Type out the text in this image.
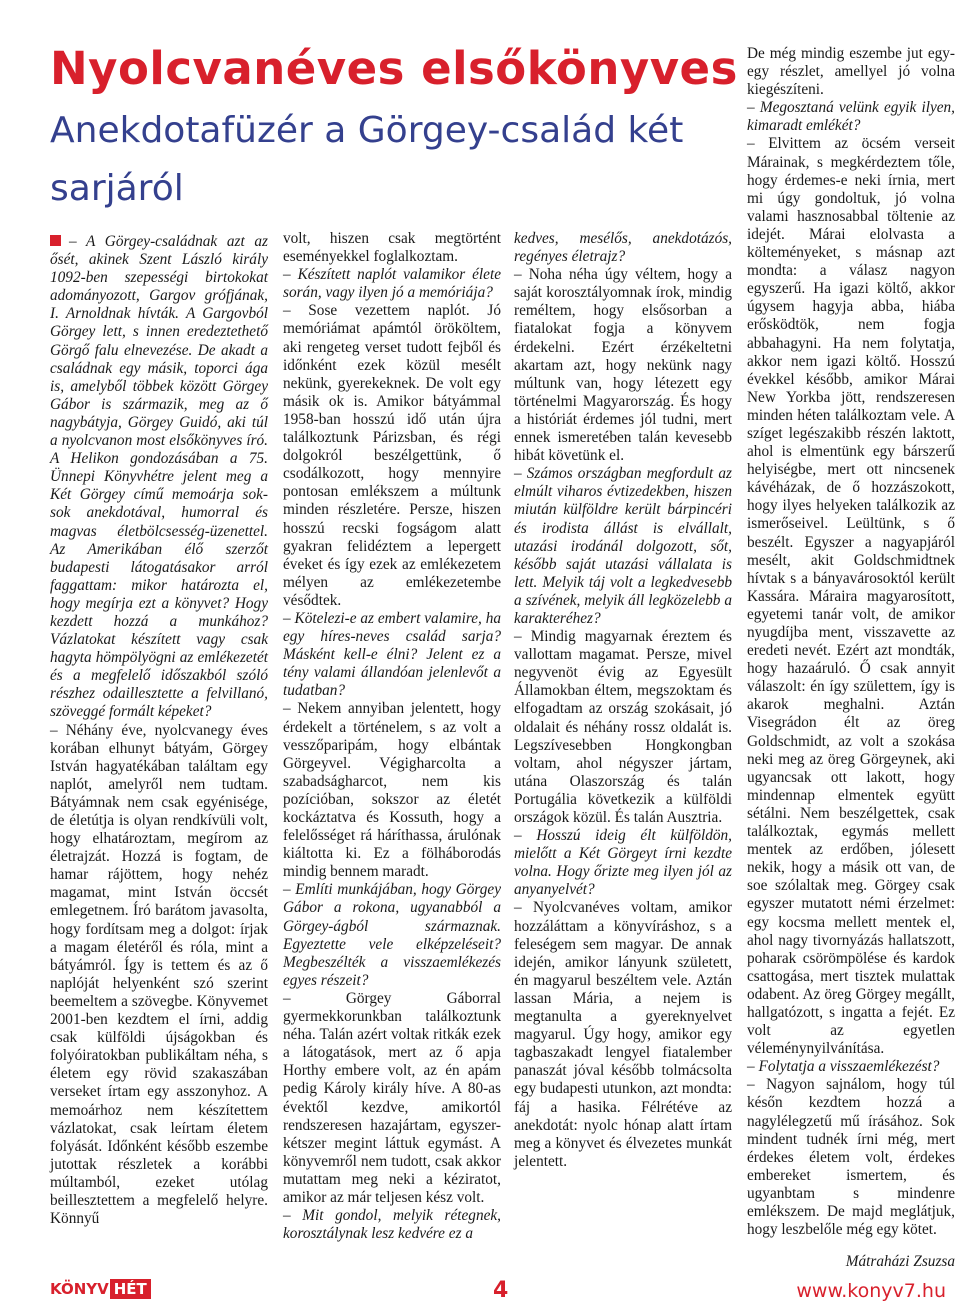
Nyolcvanéves elsőkönyves
Anekdotafüzér a Görgey-család két sarjáról

– A Görgey-családnak azt az ősét, akinek Szent László király 1092-ben szepességi birtokokat adományozott, Gargov grófjának, I. Arnoldnak hívták. A Gargovból Görgey lett, s innen eredeztethető Görgő falu elnevezése. De akadt a családnak egy másik, toporci ága is, amelyből többek között Görgey Gábor is származik, meg az ő nagybátyja, Görgey Guidó, aki túl a nyolcvanon most elsőkönyves író. A Helikon gondozásában a 75. Ünnepi Könyvhétre jelent meg a Két Görgey című memoárja sok-sok anekdotával, humorral és magvas életbölcsesség-üzenettel. Az Amerikában élő szerzőt budapesti látogatásakor arról faggattam: mikor határozta el, hogy megírja ezt a könyvet? Hogy kezdett hozzá a munkához? Vázlatokat készített vagy csak hagyta hömpölyögni az emlékezetét és a megfelelő időszakból szóló részhez odaillesztette a felvillanó, szöveggé formált képeket?

– Néhány éve, nyolcvanegy éves korában elhunyt bátyám, Görgey István hagyatékában találtam egy naplót, amelyről nem tudtam. Bátyámnak nem csak egyénisége, de életútja is olyan rendkívüli volt, hogy elhatároztam, megírom az életrajzát. Hozzá is fogtam, de hamar rájöttem, hogy nehéz magamat, mint István öccsét emlegetnem. Író barátom javasolta, hogy fordítsam meg a dolgot: írjak a magam életéről és róla, mint a bátyámról. Így is tettem és az ő naplóját helyenként szó szerint beemeltem a szövegbe. Könyvemet 2001-ben kezdtem el írni, addig csak külföldi újságokban és folyóiratokban publikáltam néha, s életem egy rövid szakaszában verseket írtam egy asszonyhoz. A memoárhoz nem készítettem vázlatokat, csak leírtam életem folyását. Időnként később eszembe jutottak részletek a korábbi múltamból, ezeket utólag beillesztettem a megfelelő helyre. Könnyű

volt, hiszen csak megtörtént eseményekkel foglalkoztam.

– Készített naplót valamikor élete során, vagy ilyen jó a memóriája?

– Sose vezettem naplót. Jó memóriámat apámtól örököltem, aki rengeteg verset tudott fejből és időnként ezek közül mesélt nekünk, gyerekeknek. De volt egy másik ok is. Amikor bátyámmal 1958-ban hosszú idő után újra találkoztunk Párizsban, és régi dolgokról beszélgettünk, ő csodálkozott, hogy mennyire pontosan emlékszem a múltunk minden részletére. Persze, hiszen hosszú recski fogságom alatt gyakran felidéztem a lepergett éveket és így ezek az emlékezetem mélyen az emlékezetembe vésődtek.

– Kötelezi-e az embert valamire, ha egy híres-neves család sarja? Másként kell-e élni? Jelent ez a tény valami állandóan jelenlevőt a tudatban?

– Nekem annyiban jelentett, hogy érdekelt a történelem, s az volt a vesszőparipám, hogy elbántak Görgeyvel. Végigharcolta a szabadságharcot, nem kis pozícióban, sokszor az életét kockáztatva és Kossuth, hogy a felelősséget rá háríthassa, árulónak kiáltotta ki. Ez a fölháborodás mindig bennem maradt.

– Említi munkájában, hogy Görgey Gábor a rokona, ugyanabból a Görgey-ágból származnak. Egyeztette vele elképzeléseit? Megbeszélték a visszaemlékezés egyes részeit?

– Görgey Gáborral gyermekkorunkban találkoztunk néha. Talán azért voltak ritkák ezek a látogatások, mert az ő apja Horthy embere volt, az én apám pedig Károly király híve. A 80-as évektől kezdve, amikortól rendszeresen hazajártam, egyszer-kétszer megint láttuk egymást. A könyvemről nem tudott, csak akkor mutattam meg neki a kéziratot, amikor az már teljesen kész volt.

– Mit gondol, melyik rétegnek, korosztálynak lesz kedvére ez a

kedves, mesélős, anekdotázós, regényes életrajz?

– Noha néha úgy véltem, hogy a saját korosztályomnak írok, mindig reméltem, hogy elsősorban a fiatalokat fogja a könyvem érdekelni. Ezért érzékeltetni akartam azt, hogy nekünk nagy múltunk van, hogy létezett egy történelmi Magyarország. És hogy a históriát érdemes jól tudni, mert ennek ismeretében talán kevesebb hibát követünk el.

– Számos országban megfordult az elmúlt viharos évtizedekben, hiszen miután külföldre került bárpincéri és irodista állást is elvállalt, utazási irodánál dolgozott, sőt, később saját utazási vállalata is lett. Melyik táj volt a legkedvesebb a szívének, melyik áll legközelebb a karakteréhez?

– Mindig magyarnak éreztem és vallottam magamat. Persze, mivel negyvenöt évig az Egyesült Államokban éltem, megszoktam és elfogadtam az ország szokásait, jó oldalait és néhány rossz oldalát is. Legszívesebben Hongkongban voltam, ahol négyszer jártam, utána Olaszország és talán Portugália következik a külföldi országok közül. És talán Ausztria.

– Hosszú ideig élt külföldön, mielőtt a Két Görgeyt írni kezdte volna. Hogy őrizte meg ilyen jól az anyanyelvét?

– Nyolcvanéves voltam, amikor hozzáláttam a könyvíráshoz, s a feleségem sem magyar. De annak idején, amikor lányunk született, én magyarul beszéltem vele. Aztán lassan Mária, a nejem is megtanulta a gyereknyelvet magyarul. Úgy hogy, amikor egy tagbaszakadt lengyel fiatalember panaszát jóval később tolmácsolta egy budapesti utunkon, azt mondta: fáj a hasika. Félrétéve az anekdotát: nyolc hónap alatt írtam meg a könyvet és élvezetes munkát jelentett.

De még mindig eszembe jut egy-egy részlet, amellyel jó volna kiegészíteni.

– Megosztaná velünk egyik ilyen, kimaradt emlékét?

– Elvittem az öcsém verseit Márainak, s megkérdeztem tőle, hogy érdemes-e neki írnia, mert mi úgy gondoltuk, jó volna valami hasznosabbal töltenie az idejét. Márai elolvasta a költeményeket, s másnap azt mondta: a válasz nagyon egyszerű. Ha igazi költő, akkor úgysem hagyja abba, hiába erősködtök, nem fogja abbahagyni. Ha nem folytatja, akkor nem igazi költő. Hosszú évekkel később, amikor Márai New Yorkba jött, rendszeresen minden héten találkoztam vele. A szíget legészakibb részén laktott, ahol is elmentünk egy bárszerű helyiségbe, mert ott nincsenek kávéházak, de ő hozzászokott, hogy ilyes helyeken találkozik az ismerőseivel. Leültünk, s ő beszélt. Egyszer a nagyapjáról mesélt, akit Goldschmidtnek hívtak s a bányavárosoktól került Kassára. Máraira magyarosított, egyetemi tanár volt, de amikor nyugdíjba ment, visszavette az eredeti nevét. Ezért azt mondták, hogy hazaáruló. Ő csak annyit válaszolt: én így születtem, így is akarok meghalni. Aztán Visegrádon élt az öreg Goldschmidt, az volt a szokása neki meg az öreg Görgeynek, aki ugyancsak ott lakott, hogy mindennap elmentek együtt sétálni. Nem beszélgettek, csak találkoztak, egymás mellett mentek az erdőben, jólesett nekik, hogy a másik ott van, de soe szólaltak meg. Görgey csak egyszer mutatott némi érzelmet: egy kocsma mellett mentek el, ahol nagy tivornyázás hallatszott, poharak csörömpölése és kardok csattogása, mert tisztek mulattak odabent. Az öreg Görgey megállt, hallgatózott, s ingatta a fejét. Ez volt az egyetlen véleménynyilvánítása.

– Folytatja a visszaemlékezést?

– Nagyon sajnálom, hogy túl későn kezdtem hozzá a nagylélegzetű mű írásához. Sok mindent tudnék írni még, mert érdekes életem volt, érdekes embereket ismertem, és ugyanbtam s mindenre emlékszem. De majd meglátjuk, hogy leszbelőle még egy kötet.

Mátraházi Zsuzsa

KÖNYV HÉT	4	www.konyv7.hu
